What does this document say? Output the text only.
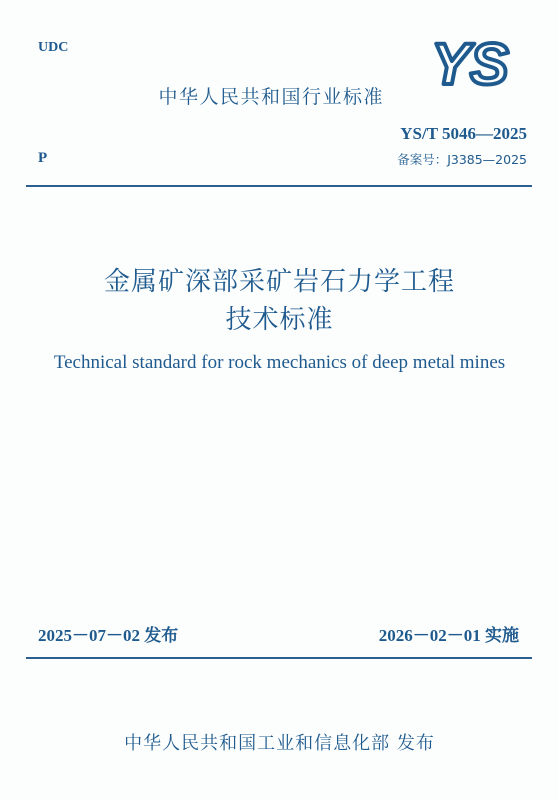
UDC
中华人民共和国行业标准 YS
YS/T 5046—2025
P	备案号：J3385—2025
金属矿深部采矿岩石力学工程
技术标准
Technical standard for rock mechanics of deep metal mines
2025－07－02 发布	2026－02－01 实施
中华人民共和国工业和信息化部 发布
